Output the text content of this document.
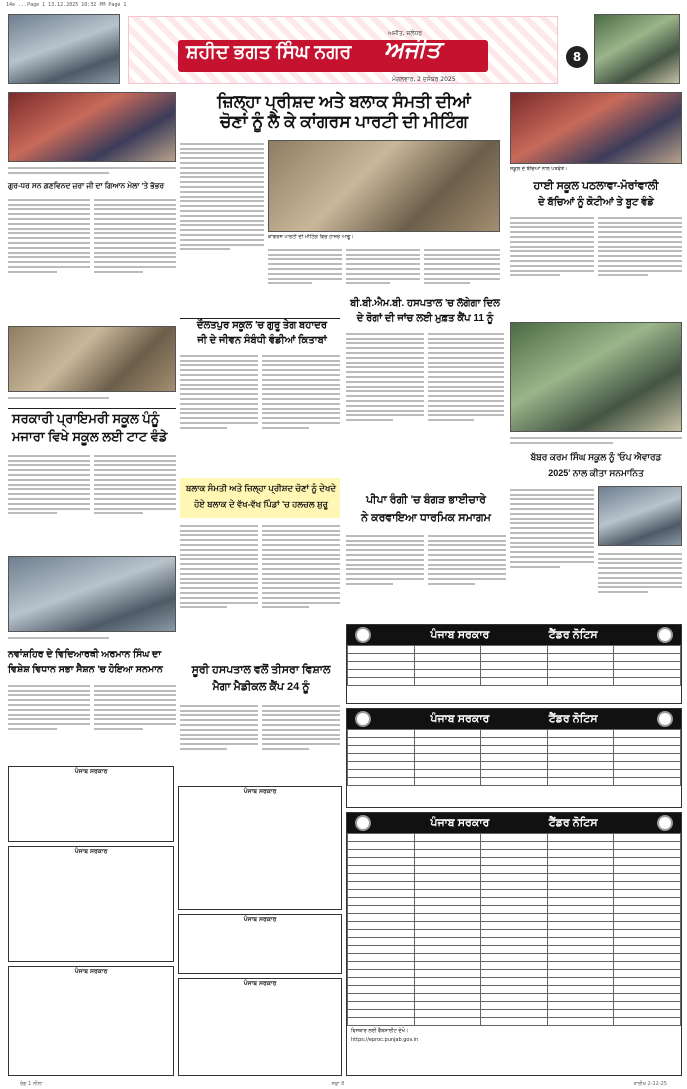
14e ...Page 1 13.12.2025 10:32 PM Page 1
ਸ਼ਹੀਦ ਭਗਤ ਸਿੰਘ ਨਗਰ ਅਜੀਤ
ਅਜੀਤ, ਜਲੰਧਰ
ਮੰਗਲਵਾਰ, 2 ਦਸੰਬਰ 2025
8
ਗੁਰ-ਧਰ ਸਨ ਗਣਵਿਨਦ ਜ਼ਰਾ ਜੀ ਦਾ ਗਿਆਨ ਮੇਲਾ 'ਤੇ ਭੱਭਰ
ਸਰਕਾਰੀ ਪ੍ਰਾਇਮਰੀ ਸਕੂਲ ਪੰਨੂੰ
ਮਜਾਰਾ ਵਿਖੇ ਸਕੂਲ ਲਈ ਟਾਟ ਵੰਡੇ
ਨਵਾਂਸ਼ਹਿਰ ਦੇ ਵਿਦਿਆਰਥੀ ਅਰਮਾਨ ਸਿੰਘ ਦਾ
ਵਿਸ਼ੇਸ਼ ਵਿਧਾਨ ਸਭਾ ਸੈਸ਼ਨ 'ਚ ਹੋਇਆ ਸਨਮਾਨ
ਜ਼ਿਲ੍ਹਾ ਪ੍ਰੀਸ਼ਦ ਅਤੇ ਬਲਾਕ ਸੰਮਤੀ ਦੀਆਂ
ਚੋਣਾਂ ਨੂੰ ਲੈ ਕੇ ਕਾਂਗਰਸ ਪਾਰਟੀ ਦੀ ਮੀਟਿੰਗ
ਕਾਂਗਰਸ ਪਾਰਟੀ ਦੀ ਮੀਟਿੰਗ ਵਿਚ ਹਾਜ਼ਰ ਆਗੂ।
ਦੌਲਤਪੁਰ ਸਕੂਲ 'ਚ ਗੁਰੂ ਤੇਗ ਬਹਾਦਰ
ਜੀ ਦੇ ਜੀਵਨ ਸੰਬੰਧੀ ਵੰਡੀਆਂ ਕਿਤਾਬਾਂ
ਬੀ.ਬੀ.ਐਮ.ਬੀ. ਹਸਪਤਾਲ 'ਚ ਲੱਗੇਗਾ ਦਿਲ
ਦੇ ਰੋਗਾਂ ਦੀ ਜਾਂਚ ਲਈ ਮੁਫ਼ਤ ਕੈਂਪ 11 ਨੂੰ
ਬਲਾਕ ਸੰਮਤੀ ਅਤੇ ਜ਼ਿਲ੍ਹਾ ਪ੍ਰੀਸ਼ਦ ਚੋਣਾਂ ਨੂੰ ਦੇਖਦੇ
ਹੋਏ ਬਲਾਕ ਦੇ ਵੱਖ-ਵੱਖ ਪਿੰਡਾਂ 'ਚ ਹਲਚਲ ਸ਼ੁਰੂ	ਪੀਪਾ ਰੰਗੀ 'ਚ ਬੰਗੜ ਭਾਈਚਾਰੇ
ਨੇ ਕਰਵਾਇਆ ਧਾਰਮਿਕ ਸਮਾਗਮ
ਸੂਰੀ ਹਸਪਤਾਲ ਵਲੋਂ ਤੀਸਰਾ ਵਿਸ਼ਾਲ
ਮੈਗਾ ਮੈਡੀਕਲ ਕੈਂਪ 24 ਨੂੰ
ਸਕੂਲ ਦੇ ਬੱਚਿਆਂ ਨਾਲ ਪਤਵੰਤੇ।
ਹਾਈ ਸਕੂਲ ਪਠਲਾਵਾ-ਮੋਰਾਂਵਾਲੀ
ਦੇ ਬੱਚਿਆਂ ਨੂੰ ਕੋਟੀਆਂ ਤੇ ਬੂਟ ਵੰਡੇ
ਬੱਬਰ ਕਰਮ ਸਿੰਘ ਸਕੂਲ ਨੂੰ 'ਓਪ ਐਵਾਰਡ
2025' ਨਾਲ ਕੀਤਾ ਸਨਮਾਨਿਤ
ਪੰਜਾਬ ਸਰਕਾਰ	ਟੈਂਡਰ ਨੋਟਿਸ

ਪੰਜਾਬ ਸਰਕਾਰ	ਟੈਂਡਰ ਨੋਟਿਸ

ਪੰਜਾਬ ਸਰਕਾਰ	ਟੈਂਡਰ ਨੋਟਿਸ

ਵਿਸਥਾਰ ਲਈ ਵੈੱਬਸਾਈਟ ਦੇਖੋ।
https://eproc.punjab.gov.in
ਪੰਜਾਬ ਸਰਕਾਰ
ਪੰਜਾਬ ਸਰਕਾਰ
ਪੰਜਾਬ ਸਰਕਾਰ
ਪੰਜਾਬ ਸਰਕਾਰ
ਪੰਜਾਬ ਸਰਕਾਰ
ਪੰਜਾਬ ਸਰਕਾਰ
ਰੰਗ 1 ਨੀਲਾ	ਸਫ਼ਾ 8	ਤਾਰੀਖ਼ 2-12-25
